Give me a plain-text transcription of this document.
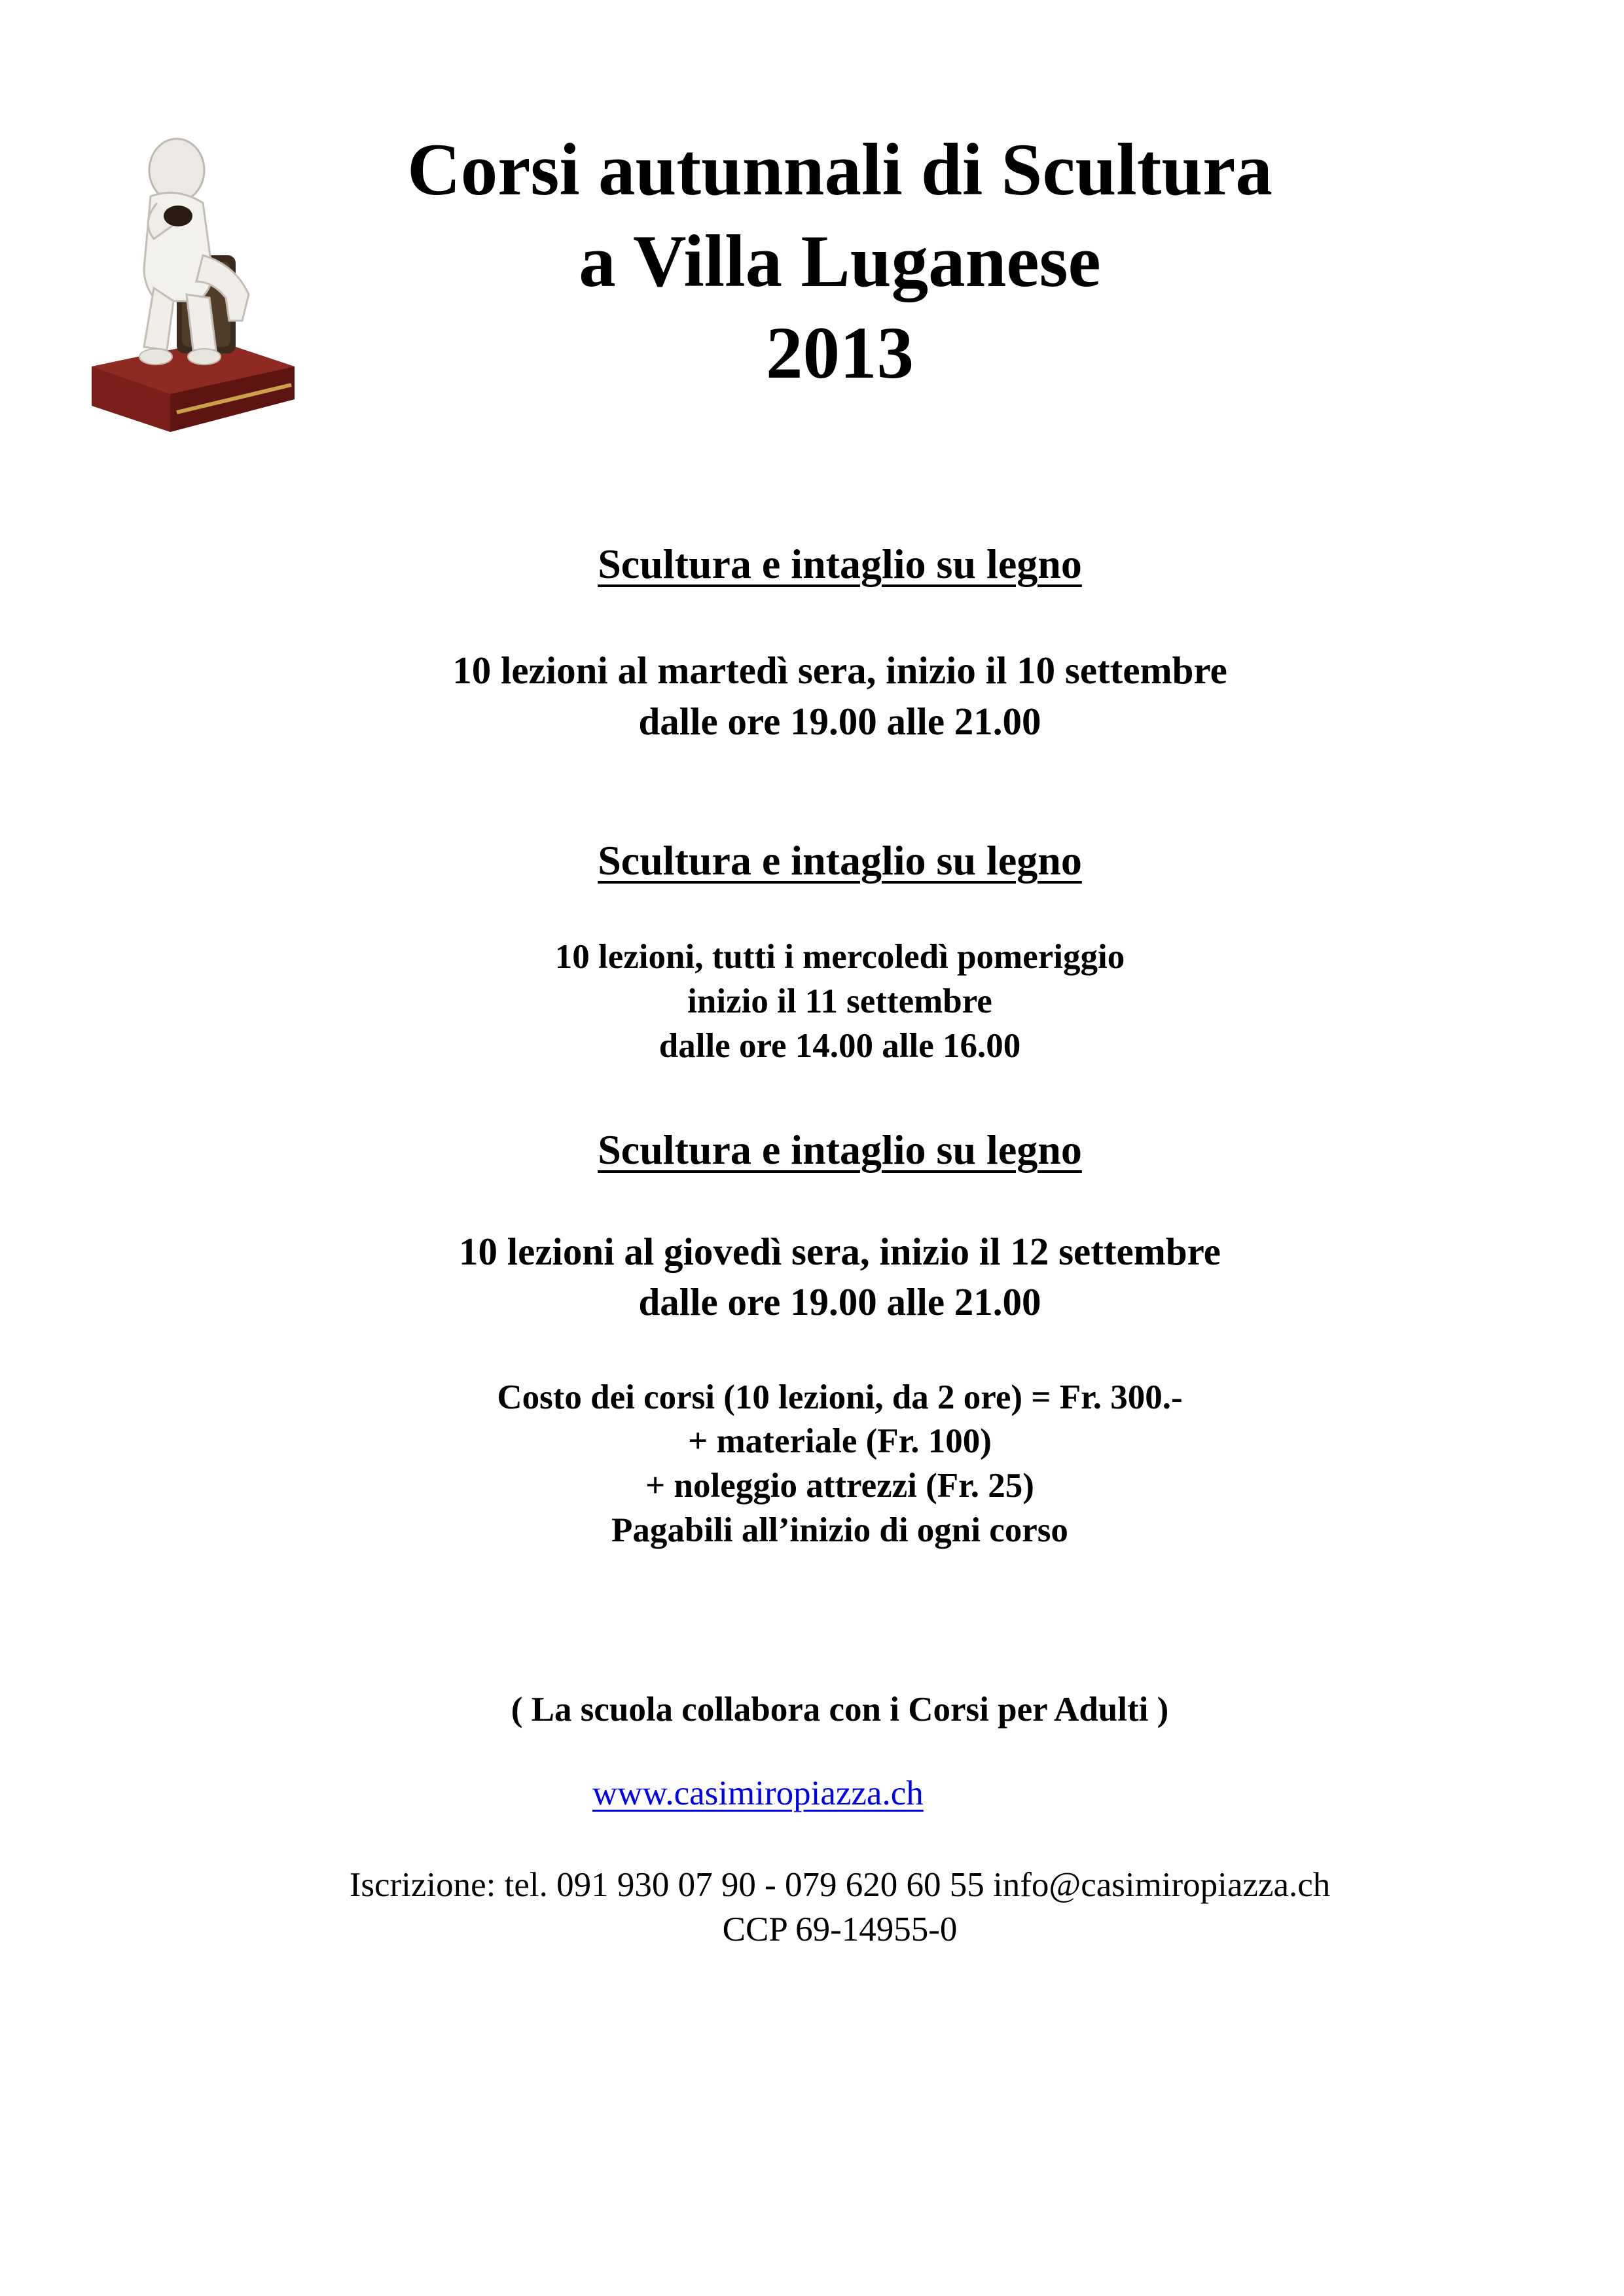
Corsi autunnali di Scultura
a Villa Luganese
2013
Scultura e intaglio su legno
10 lezioni al martedì sera, inizio il 10 settembre
dalle ore 19.00 alle 21.00
Scultura e intaglio su legno
10 lezioni, tutti i mercoledì pomeriggio
inizio il 11 settembre
dalle ore 14.00 alle 16.00
Scultura e intaglio su legno
10 lezioni al giovedì sera, inizio il 12 settembre
dalle ore 19.00 alle 21.00
Costo dei corsi (10 lezioni, da 2 ore) = Fr. 300.-
+ materiale (Fr. 100)
+ noleggio attrezzi (Fr. 25)
Pagabili all’inizio di ogni corso
( La scuola collabora con i Corsi per Adulti )
www.casimiropiazza.ch
Iscrizione: tel. 091 930 07 90 - 079 620 60 55 info@casimiropiazza.ch
CCP 69-14955-0
